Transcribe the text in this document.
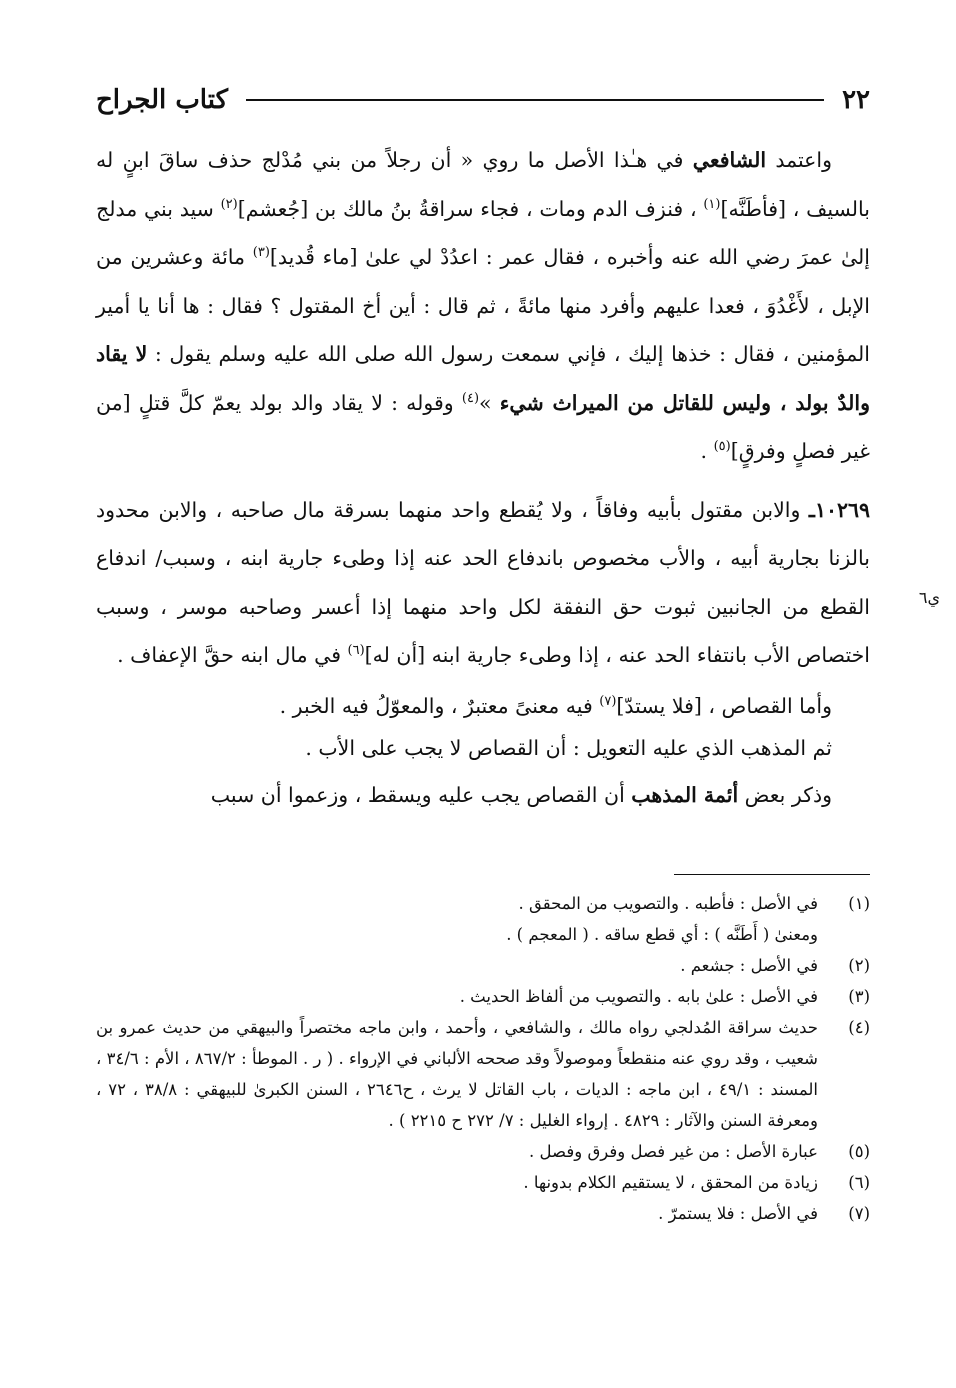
٢٢
كتاب الجراح

واعتمد الشافعي في هـٰذا الأصل ما روي « أن رجلاً من بني مُدْلج حذف ساقَ ابنٍ له بالسيف ، [فأطَنَّه]$^{(١)}$ ، فنزف الدم ومات ، فجاء سراقةُ بنُ مالك بن [جُعشم]$^{(٢)}$ سيد بني مدلج إلىٰ عمرَ رضي الله عنه وأخبره ، فقال عمر : اعدُدْ لي علىٰ [ماء قُديد]$^{(٣)}$ مائة وعشرين من الإبل ، لأَغْدُوَ ، فعدا عليهم وأفرد منها مائةً ، ثم قال : أين أخ المقتول ؟ فقال : ها أنا يا أمير المؤمنين ، فقال : خذها إليك ، فإني سمعت رسول الله صلى الله عليه وسلم يقول : لا يقاد والدٌ بولد ، وليس للقاتل من الميراث شيء »$^{(٤)}$ وقوله : لا يقاد والد بولد يعمّ كلَّ قتلٍ [من غير فصلٍ وفرقٍ]$^{(٥)}$ .

١٠٢٦٩ـ والابن مقتول بأبيه وفاقاً ، ولا يُقطع واحد منهما بسرقة مال صاحبه ، والابن محدود بالزنا بجارية أبيه ، والأب مخصوص باندفاع الحد عنه إذا وطىء جارية ابنه ، وسبب/ اندفاع القطع من الجانبين ثبوت حق النفقة لكل واحد منهما إذا أعسر وصاحبه موسر ، وسبب اختصاص الأب بانتفاء الحد عنه ، إذا وطىء جارية ابنه [أن له]$^{(٦)}$ في مال ابنه حقَّ الإعفاف .

وأما القصاص ، [فلا يستدّ]$^{(٧)}$ فيه معنىً معتبرٌ ، والمعوّلُ فيه الخبر .

ثم المذهب الذي عليه التعويل : أن القصاص لا يجب على الأب .

وذكر بعض أئمة المذهب أن القصاص يجب عليه ويسقط ، وزعموا أن سبب

ي٦
(١)
في الأصل : فأطبه . والتصويب من المحقق .
ومعنىٰ ( أَطَنَّه ) : أي قطع ساقه . ( المعجم ) .
(٢)
في الأصل : جشعم .
(٣)
في الأصل : علىٰ بابه . والتصويب من ألفاظ الحديث .
(٤)
حديث سراقة المُدلجي رواه مالك ، والشافعي ، وأحمد ، وابن ماجه مختصراً والبيهقي من حديث عمرو بن شعيب ، وقد روي عنه منقطعاً وموصولاً وقد صححه الألباني في الإرواء . ( ر . الموطأ : ٨٦٧/٢ ، الأم : ٣٤/٦ ، المسند : ٤٩/١ ، ابن ماجه : الديات ، باب القاتل لا يرث ، ح٢٦٤٦ ، السنن الكبرىٰ للبيهقي : ٣٨/٨ ، ٧٢ ، ومعرفة السنن والآثار : ٤٨٢٩ . إرواء الغليل : ٧/ ٢٧٢ ح ٢٢١٥ ) .
(٥)
عبارة الأصل : من غير فصل وفرق وفصل .
(٦)
زيادة من المحقق ، لا يستقيم الكلام بدونها .
(٧)
في الأصل : فلا يستمرّ .
